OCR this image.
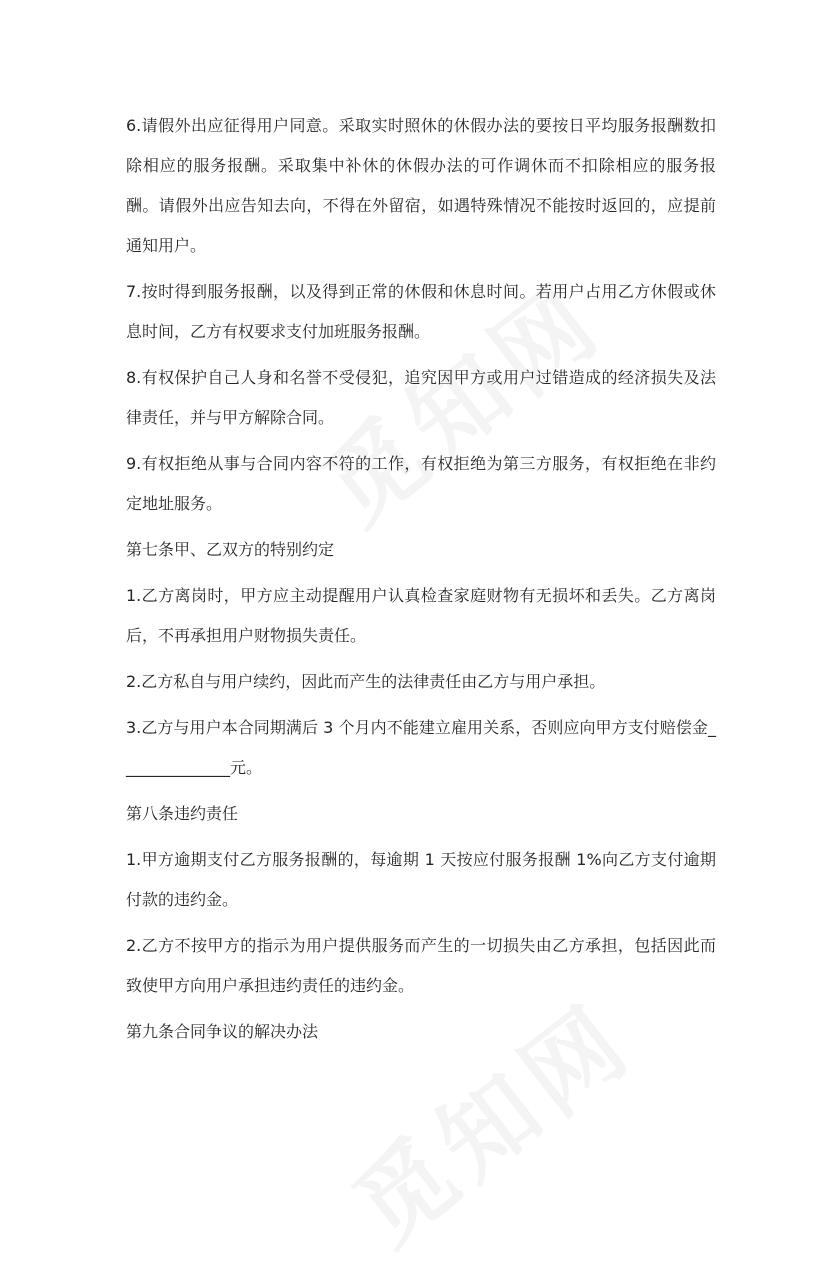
6.请假外出应征得用户同意。采取实时照休的休假办法的要按日平均服务报酬数扣除相应的服务报酬。采取集中补休的休假办法的可作调休而不扣除相应的服务报酬。请假外出应告知去向，不得在外留宿，如遇特殊情况不能按时返回的，应提前通知用户。

7.按时得到服务报酬，以及得到正常的休假和休息时间。若用户占用乙方休假或休息时间，乙方有权要求支付加班服务报酬。

8.有权保护自己人身和名誉不受侵犯，追究因甲方或用户过错造成的经济损失及法律责任，并与甲方解除合同。

9.有权拒绝从事与合同内容不符的工作，有权拒绝为第三方服务，有权拒绝在非约定地址服务。

第七条甲、乙双方的特别约定

1.乙方离岗时，甲方应主动提醒用户认真检查家庭财物有无损坏和丢失。乙方离岗后，不再承担用户财物损失责任。

2.乙方私自与用户续约，因此而产生的法律责任由乙方与用户承担。

3.乙方与用户本合同期满后 3 个月内不能建立雇用关系，否则应向甲方支付赔偿金______________元。

第八条违约责任

1.甲方逾期支付乙方服务报酬的，每逾期 1 天按应付服务报酬 1%向乙方支付逾期付款的违约金。

2.乙方不按甲方的指示为用户提供服务而产生的一切损失由乙方承担，包括因此而致使甲方向用户承担违约责任的违约金。

第九条合同争议的解决办法
